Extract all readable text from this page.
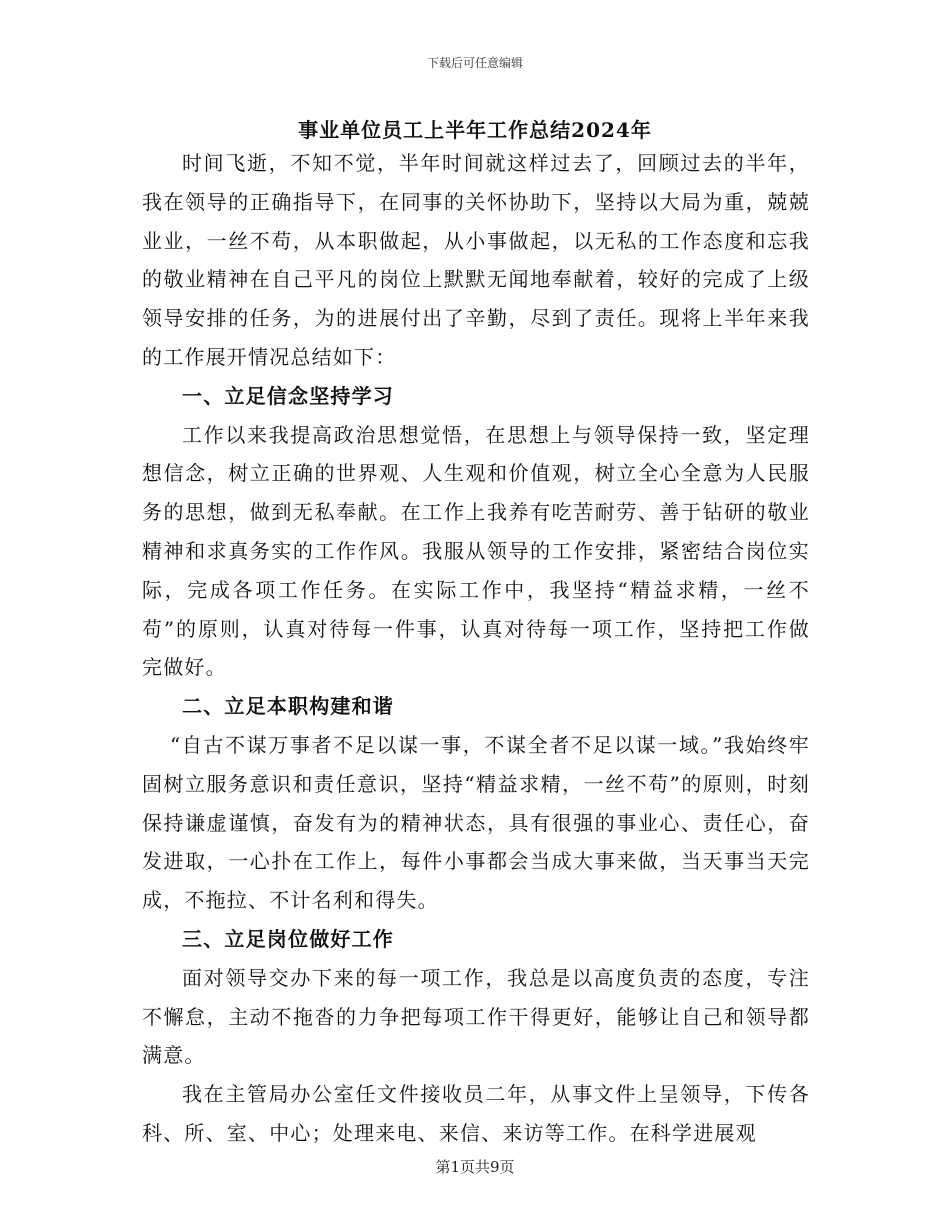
下载后可任意编辑
事业单位员工上半年工作总结2024年

时间飞逝，不知不觉，半年时间就这样过去了，回顾过去的半年，我在领导的正确指导下，在同事的关怀协助下，坚持以大局为重，兢兢业业，一丝不苟，从本职做起，从小事做起，以无私的工作态度和忘我的敬业精神在自己平凡的岗位上默默无闻地奉献着，较好的完成了上级领导安排的任务，为的进展付出了辛勤，尽到了责任。现将上半年来我的工作展开情况总结如下：

一、立足信念坚持学习

工作以来我提高政治思想觉悟，在思想上与领导保持一致，坚定理想信念，树立正确的世界观、人生观和价值观，树立全心全意为人民服务的思想，做到无私奉献。在工作上我养有吃苦耐劳、善于钻研的敬业精神和求真务实的工作作风。我服从领导的工作安排，紧密结合岗位实际，完成各项工作任务。在实际工作中，我坚持“精益求精，一丝不苟”的原则，认真对待每一件事，认真对待每一项工作，坚持把工作做完做好。

二、立足本职构建和谐

“自古不谋万事者不足以谋一事，不谋全者不足以谋一域。”我始终牢固树立服务意识和责任意识，坚持“精益求精，一丝不苟”的原则，时刻保持谦虚谨慎，奋发有为的精神状态，具有很强的事业心、责任心，奋发进取，一心扑在工作上，每件小事都会当成大事来做，当天事当天完成，不拖拉、不计名利和得失。

三、立足岗位做好工作

面对领导交办下来的每一项工作，我总是以高度负责的态度，专注不懈怠，主动不拖沓的力争把每项工作干得更好，能够让自己和领导都满意。

我在主管局办公室任文件接收员二年，从事文件上呈领导，下传各科、所、室、中心；处理来电、来信、来访等工作。在科学进展观

第1页共9页
